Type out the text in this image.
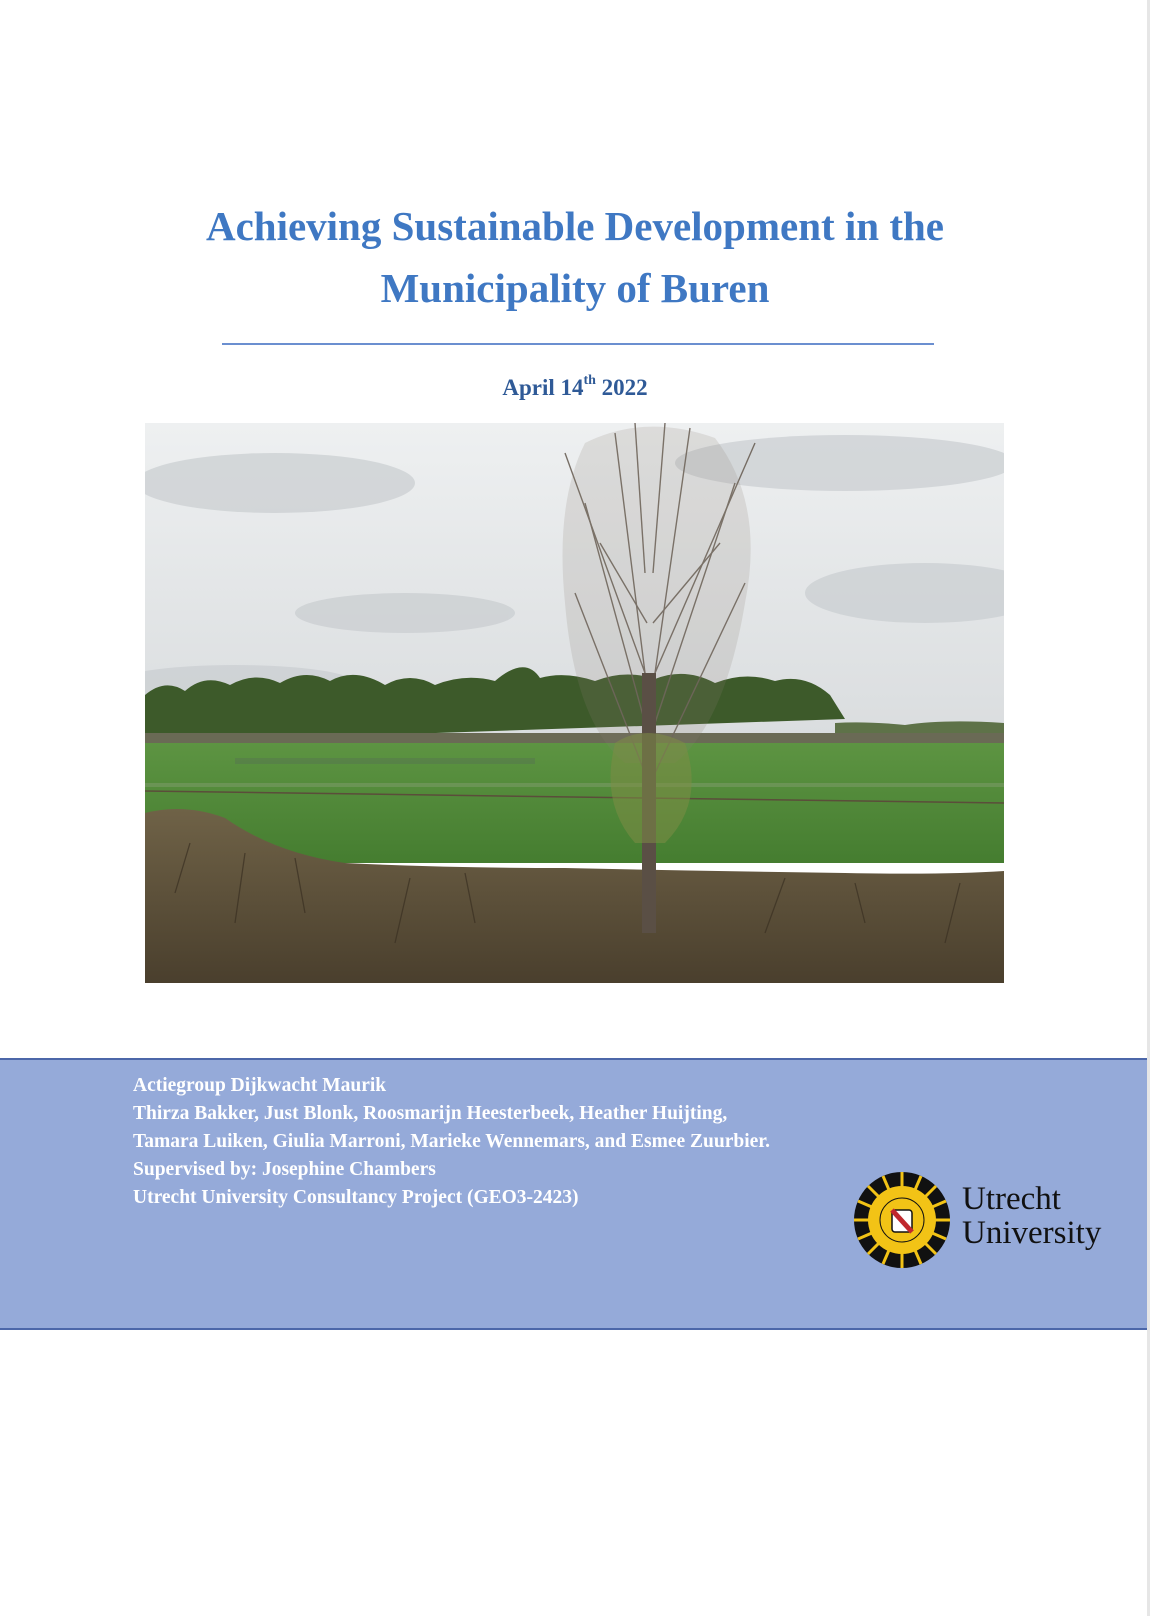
Achieving Sustainable Development in the Municipality of Buren
April 14th 2022
Actiegroup Dijkwacht Maurik
Thirza Bakker, Just Blonk, Roosmarijn Heesterbeek, Heather Huijting,
Tamara Luiken, Giulia Marroni, Marieke Wennemars, and Esmee Zuurbier.
Supervised by: Josephine Chambers
Utrecht University Consultancy Project (GEO3-2423)	Utrecht
University
